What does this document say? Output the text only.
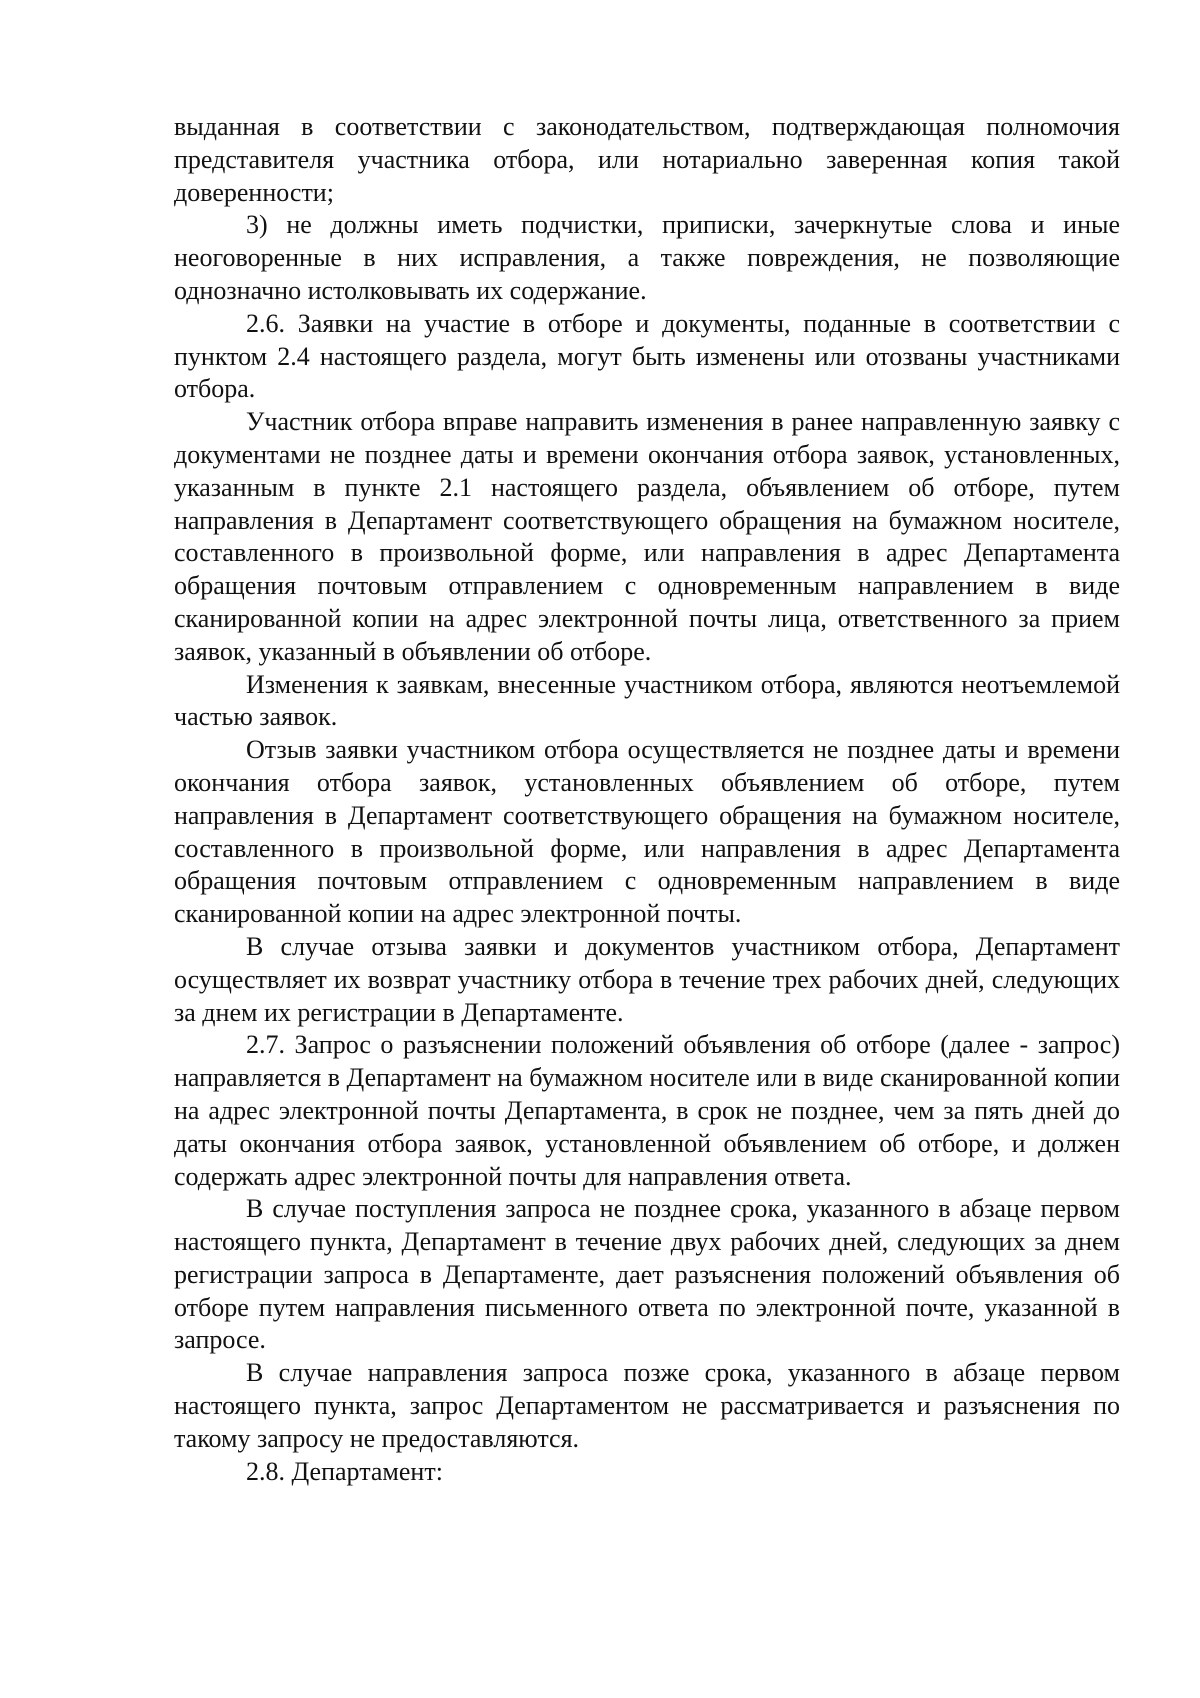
выданная в соответствии с законодательством, подтверждающая полномочия представителя участника отбора, или нотариально заверенная копия такой доверенности;

3) не должны иметь подчистки, приписки, зачеркнутые слова и иные неоговоренные в них исправления, а также повреждения, не позволяющие однозначно истолковывать их содержание.

2.6. Заявки на участие в отборе и документы, поданные в соответствии с пунктом 2.4 настоящего раздела, могут быть изменены или отозваны участниками отбора.

Участник отбора вправе направить изменения в ранее направленную заявку с документами не позднее даты и времени окончания отбора заявок, установленных, указанным в пункте 2.1 настоящего раздела, объявлением об отборе, путем направления в Департамент соответствующего обращения на бумажном носителе, составленного в произвольной форме, или направления в адрес Департамента обращения почтовым отправлением с одновременным направлением в виде сканированной копии на адрес электронной почты лица, ответственного за прием заявок, указанный в объявлении об отборе.

Изменения к заявкам, внесенные участником отбора, являются неотъемлемой частью заявок.

Отзыв заявки участником отбора осуществляется не позднее даты и времени окончания отбора заявок, установленных объявлением об отборе, путем направления в Департамент соответствующего обращения на бумажном носителе, составленного в произвольной форме, или направления в адрес Департамента обращения почтовым отправлением с одновременным направлением в виде сканированной копии на адрес электронной почты.

В случае отзыва заявки и документов участником отбора, Департамент осуществляет их возврат участнику отбора в течение трех рабочих дней, следующих за днем их регистрации в Департаменте.

2.7. Запрос о разъяснении положений объявления об отборе (далее - запрос) направляется в Департамент на бумажном носителе или в виде сканированной копии на адрес электронной почты Департамента, в срок не позднее, чем за пять дней до даты окончания отбора заявок, установленной объявлением об отборе, и должен содержать адрес электронной почты для направления ответа.

В случае поступления запроса не позднее срока, указанного в абзаце первом настоящего пункта, Департамент в течение двух рабочих дней, следующих за днем регистрации запроса в Департаменте, дает разъяснения положений объявления об отборе путем направления письменного ответа по электронной почте, указанной в запросе.

В случае направления запроса позже срока, указанного в абзаце первом настоящего пункта, запрос Департаментом не рассматривается и разъяснения по такому запросу не предоставляются.

2.8. Департамент:
